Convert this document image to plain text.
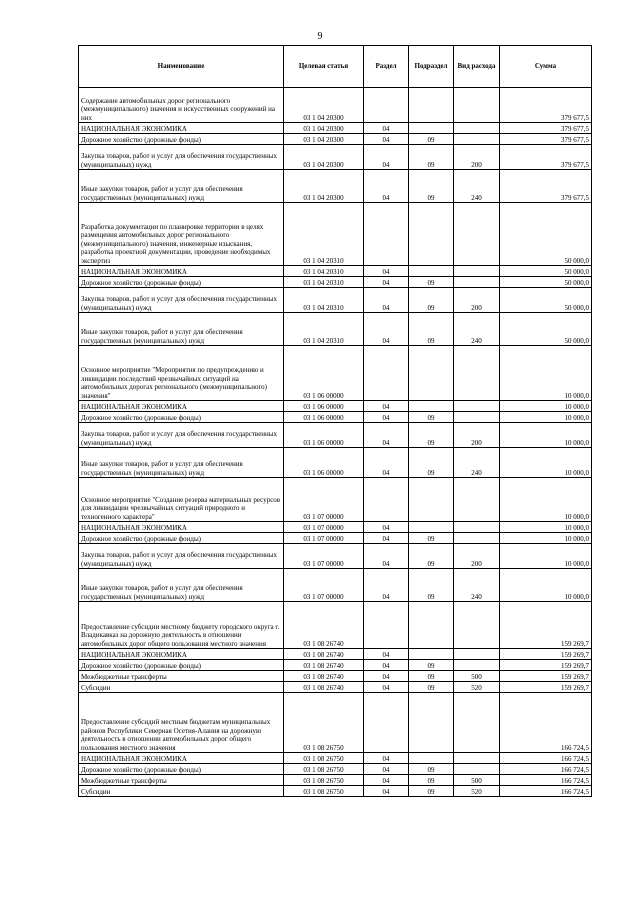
9
Наименование	Целевая статья	Раздел	Подраздел	Вид расхода	Сумма
Содержание автомобильных дорог регионального (межмуниципального) значения и искусственных сооружений на них	03 1 04 20300				379 677,5
НАЦИОНАЛЬНАЯ ЭКОНОМИКА	03 1 04 20300	04			379 677,5
Дорожное хозяйство (дорожные фонды)	03 1 04 20300	04	09		379 677,5
Закупка товаров, работ и услуг для обеспечения государственных (муниципальных) нужд	03 1 04 20300	04	09	200	379 677,5
Иные закупки товаров, работ и услуг для обеспечения государственных (муниципальных) нужд	03 1 04 20300	04	09	240	379 677,5
Разработка документации по планировке территории в целях размещения автомобильных дорог регионального (межмуниципального) значения, инженерные изыскания, разработка проектной документации, проведение необходимых экспертиз	03 1 04 20310				50 000,0
НАЦИОНАЛЬНАЯ ЭКОНОМИКА	03 1 04 20310	04			50 000,0
Дорожное хозяйство (дорожные фонды)	03 1 04 20310	04	09		50 000,0
Закупка товаров, работ и услуг для обеспечения государственных (муниципальных) нужд	03 1 04 20310	04	09	200	50 000,0
Иные закупки товаров, работ и услуг для обеспечения государственных (муниципальных) нужд	03 1 04 20310	04	09	240	50 000,0
Основное мероприятие "Мероприятия по предупреждению и ликвидации последствий чрезвычайных ситуаций на автомобильных дорогах регионального (межмуниципального) значения"	03 1 06 00000				10 000,0
НАЦИОНАЛЬНАЯ ЭКОНОМИКА	03 1 06 00000	04			10 000,0
Дорожное хозяйство (дорожные фонды)	03 1 06 00000	04	09		10 000,0
Закупка товаров, работ и услуг для обеспечения государственных (муниципальных) нужд	03 1 06 00000	04	09	200	10 000,0
Иные закупки товаров, работ и услуг для обеспечения государственных (муниципальных) нужд	03 1 06 00000	04	09	240	10 000,0
Основное мероприятие "Создание резерва материальных ресурсов для ликвидации чрезвычайных ситуаций природного и техногенного характера"	03 1 07 00000				10 000,0
НАЦИОНАЛЬНАЯ ЭКОНОМИКА	03 1 07 00000	04			10 000,0
Дорожное хозяйство (дорожные фонды)	03 1 07 00000	04	09		10 000,0
Закупка товаров, работ и услуг для обеспечения государственных (муниципальных) нужд	03 1 07 00000	04	09	200	10 000,0
Иные закупки товаров, работ и услуг для обеспечения государственных (муниципальных) нужд	03 1 07 00000	04	09	240	10 000,0
Предоставление субсидии местному бюджету городского округа г. Владикавказ на дорожную деятельность в отношении автомобильных дорог общего пользования местного значения	03 1 08 26740				159 269,7
НАЦИОНАЛЬНАЯ ЭКОНОМИКА	03 1 08 26740	04			159 269,7
Дорожное хозяйство (дорожные фонды)	03 1 08 26740	04	09		159 269,7
Межбюджетные трансферты	03 1 08 26740	04	09	500	159 269,7
Субсидии	03 1 08 26740	04	09	520	159 269,7
Предоставление субсидий местным бюджетам муниципальных районов Республики Северная Осетия-Алания на дорожную деятельность в отношении автомобильных дорог общего пользования местного значения	03 1 08 26750				166 724,5
НАЦИОНАЛЬНАЯ ЭКОНОМИКА	03 1 08 26750	04			166 724,5
Дорожное хозяйство (дорожные фонды)	03 1 08 26750	04	09		166 724,5
Межбюджетные трансферты	03 1 08 26750	04	09	500	166 724,5
Субсидии	03 1 08 26750	04	09	520	166 724,5
